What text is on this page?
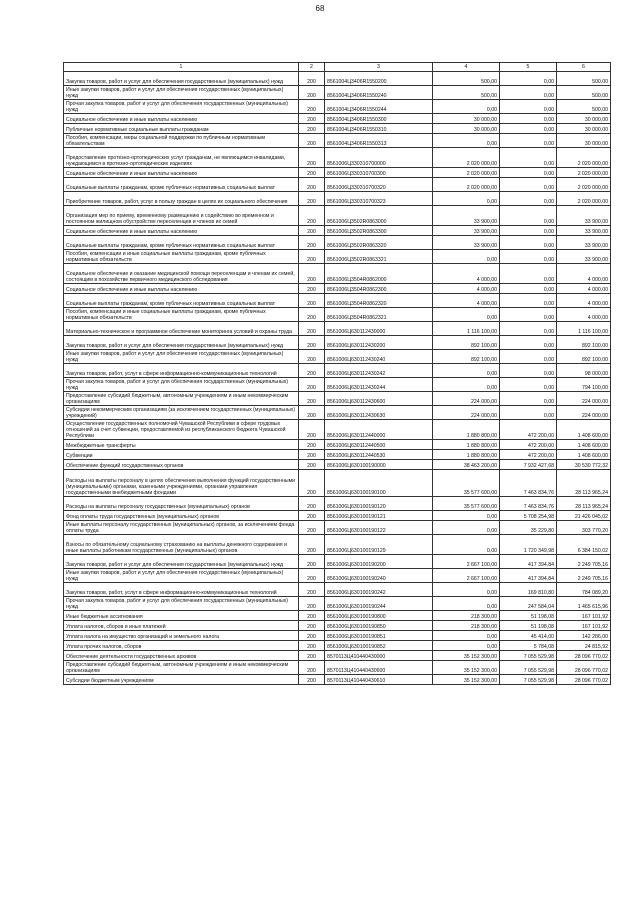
68
1	2	3	4	5	6
Закупка товаров, работ и услуг для обеспечения государственных (муниципальных) нужд	200	8561004Ц3406R1550200	500,00	0,00	500,00
Иные закупки товаров, работ и услуг для обеспечения государственных (муниципальных) нужд	200	8561004Ц3406R1550240	500,00	0,00	500,00
Прочая закупка товаров, работ и услуг для обеспечения государственных (муниципальных) нужд	200	8561004Ц3406R1550244	0,00	0,00	500,00
Социальное обеспечение и иные выплаты населению	200	8561004Ц3406R1550300	30 000,00	0,00	30 000,00
Публичные нормативные социальные выплаты гражданам	200	8561004Ц3406R1550310	30 000,00	0,00	30 000,00
Пособия, компенсации, меры социальной поддержки по публичным нормативным обязательствам	200	8561004Ц3406R1550313	0,00	0,00	30 000,00
Предоставление протезно-ортопедических услуг гражданам, не являющимся инвалидами, нуждающимся в протезно-ортопедических изделиях	200	8561006Ц330310700000	2 020 000,00	0,00	2 020 000,00
Социальное обеспечение и иные выплаты населению	200	8561006Ц330310700300	2 020 000,00	0,00	2 020 000,00
Социальные выплаты гражданам, кроме публичных нормативных социальных выплат	200	8561006Ц330310700320	2 020 000,00	0,00	2 020 000,00
Приобретение товаров, работ, услуг в пользу граждан в целях их социального обеспечения	200	8561006Ц330310700323	0,00	0,00	2 020 000,00
Организация мер по приему, временному размещению и содействию во временном и постоянном жилищном обустройстве переселенцев и членов их семей	200	8561006Ц3502R0863000	33 900,00	0,00	33 900,00
Социальное обеспечение и иные выплаты населению	200	8561006Ц3502R0863300	33 900,00	0,00	33 900,00
Социальные выплаты гражданам, кроме публичных нормативных социальных выплат	200	8561006Ц3502R0863320	33 900,00	0,00	33 900,00
Пособия, компенсации и иные социальные выплаты гражданам, кроме публичных нормативных обязательств	200	8561006Ц3502R0863321	0,00	0,00	33 900,00
Социальное обеспечение и оказание медицинской помощи переселенцам и членам их семей, состоящим в похозяйстве первичного медицинского обследования	200	8561006Ц3504R0862000	4 000,00	0,00	4 000,00
Социальное обеспечение и иные выплаты населению	200	8561006Ц3504R0862300	4 000,00	0,00	4 000,00
Социальные выплаты гражданам, кроме публичных нормативных социальных выплат	200	8561006Ц3504R0862320	4 000,00	0,00	4 000,00
Пособия, компенсации и иные социальные выплаты гражданам, кроме публичных нормативных обязательств	200	8561006Ц3504R0862321	0,00	0,00	4 000,00
Материально-техническое и программное обеспечение мониторинга условий и охраны труда	200	8561006Ц630112430000	1 116 100,00	0,00	1 116 100,00
Закупка товаров, работ и услуг для обеспечения государственных (муниципальных) нужд	200	8561006Ц630112430200	892 100,00	0,00	892 100,00
Иные закупки товаров, работ и услуг для обеспечения государственных (муниципальных) нужд	200	8561006Ц630112430240	892 100,00	0,00	892 100,00
Закупка товаров, работ, услуг в сфере информационно-коммуникационных технологий	200	8561006Ц630112430242	0,00	0,00	98 000,00
Прочая закупка товаров, работ и услуг для обеспечения государственных (муниципальных) нужд	200	8561006Ц630112430244	0,00	0,00	794 100,00
Предоставление субсидий бюджетным, автономным учреждениям и иным некоммерческим организациям	200	8561006Ц630112430600	224 000,00	0,00	224 000,00
Субсидии некоммерческим организациям (за исключением государственных (муниципальных) учреждений)	200	8561006Ц630112430630	224 000,00	0,00	224 000,00
Осуществление государственных полномочий Чувашской Республики в сфере трудовых отношений за счет субвенции, предоставляемой из республиканского бюджета Чувашской Республики	200	8561006Ц630112440000	1 880 800,00	472 200,00	1 408 600,00
Межбюджетные трансферты	200	8561006Ц630112440500	1 880 800,00	472 200,00	1 408 600,00
Субвенции	200	8561006Ц630112440530	1 880 800,00	472 200,00	1 408 600,00
Обеспечение функций государственных органов	200	8561006Ц630100190000	38 463 200,00	7 932 427,68	30 530 772,32
Расходы на выплаты персоналу в целях обеспечения выполнения функций государственными (муниципальными) органами, казенными учреждениями, органами управления государственными внебюджетными фондами	200	8561006Ц630100190100	35 577 600,00	7 463 834,76	28 113 965,24
Расходы на выплаты персоналу государственных (муниципальных) органов	200	8561006Ц630100190120	35 577 600,00	7 463 834,76	28 113 965,24
Фонд оплаты труда государственных (муниципальных) органов	200	8561006Ц630100190121	0,00	5 708 254,98	21 426 045,02
Иные выплаты персоналу государственных (муниципальных) органов, за исключением фонда оплаты труда	200	8561006Ц630100190122	0,00	35 229,80	303 770,20
Взносы по обязательному социальному страхованию на выплаты денежного содержания и иные выплаты работникам государственных (муниципальных) органов	200	8561006Ц630100190129	0,00	1 720 349,98	6 384 150,02
Закупка товаров, работ и услуг для обеспечения государственных (муниципальных) нужд	200	8561006Ц630100190200	2 667 100,00	417 394,84	2 249 705,16
Иные закупки товаров, работ и услуг для обеспечения государственных (муниципальных) нужд	200	8561006Ц630100190240	2 667 100,00	417 394,84	2 249 705,16
Закупка товаров, работ, услуг в сфере информационно-коммуникационных технологий	200	8561006Ц630100190242	0,00	169 810,80	784 089,20
Прочая закупка товаров, работ и услуг для обеспечения государственных (муниципальных) нужд	200	8561006Ц630100190244	0,00	247 584,04	1 465 615,96
Иные бюджетные ассигнования	200	8561006Ц630100190800	218 300,00	51 198,08	167 101,92
Уплата налогов, сборов и иных платежей	200	8561006Ц630100190850	218 300,00	51 198,08	167 101,92
Уплата налога на имущество организаций и земельного налога	200	8561006Ц630100190851	0,00	45 414,00	142 286,00
Уплата прочих налогов, сборов	200	8561006Ц630100190852	0,00	5 784,08	24 815,92
Обеспечение деятельности государственных архивов	200	8570113Ц410440430000	35 152 300,00	7 055 529,98	28 096 770,02
Предоставление субсидий бюджетным, автономным учреждениям и иным некоммерческим организациям	200	8570113Ц410440430600	35 152 300,00	7 055 529,98	28 096 770,02
Субсидии бюджетным учреждениям	200	8570113Ц410440430610	35 152 300,00	7 055 529,98	28 096 770,02
